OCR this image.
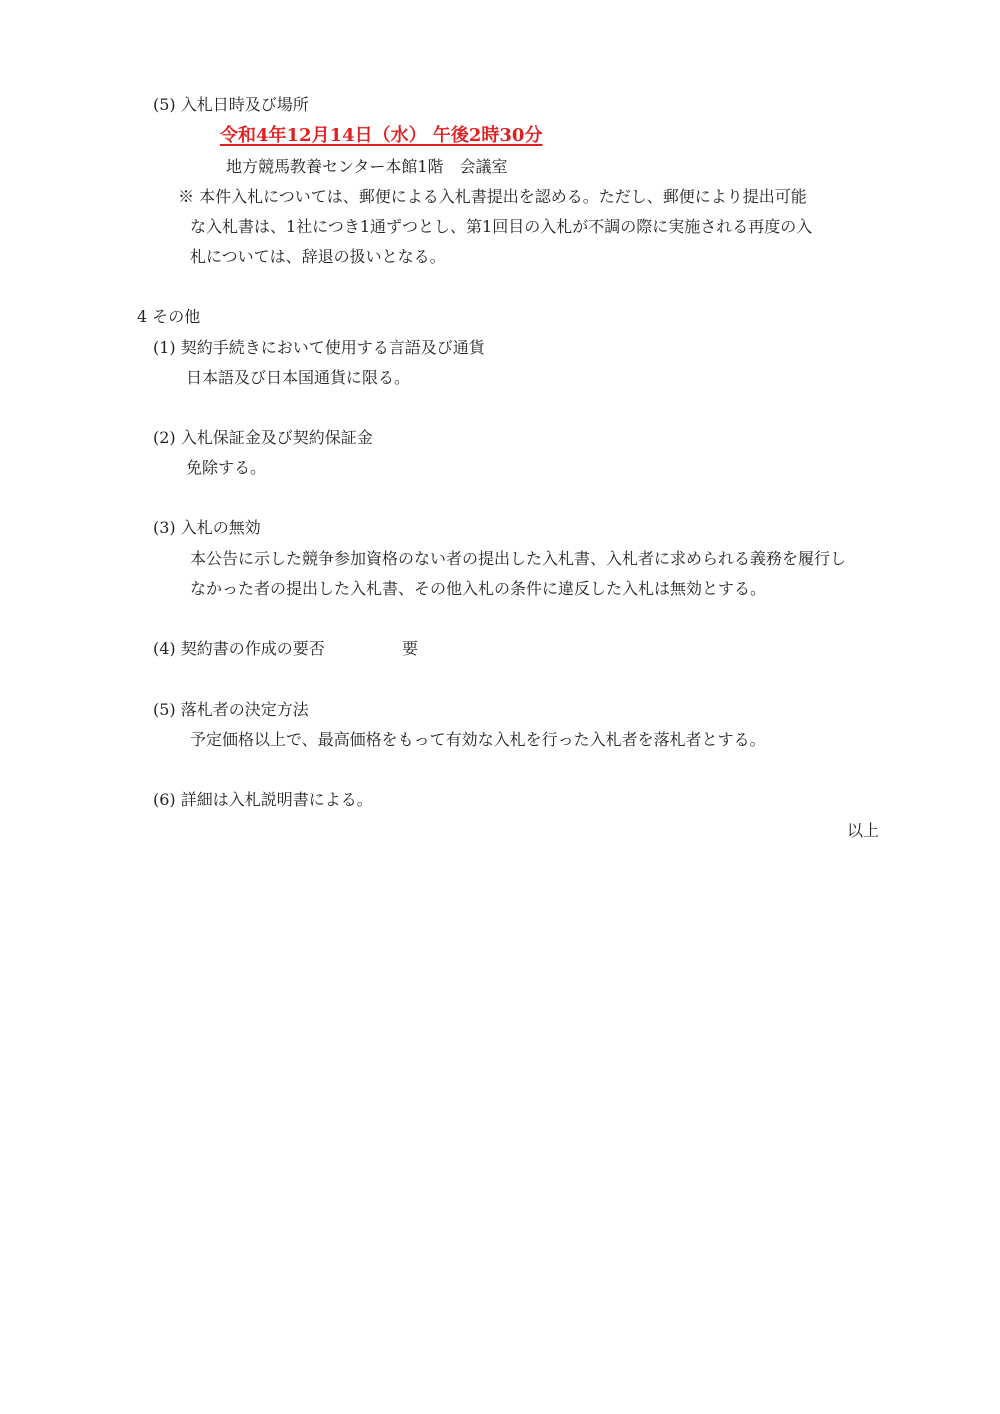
(5) 入札日時及び場所
令和4年12月14日（水） 午後2時30分
地方競馬教養センター本館1階　会議室
※ 本件入札については、郵便による入札書提出を認める。ただし、郵便により提出可能
な入札書は、1社につき1通ずつとし、第1回目の入札が不調の際に実施される再度の入
札については、辞退の扱いとなる。
4 その他
(1) 契約手続きにおいて使用する言語及び通貨
日本語及び日本国通貨に限る。
(2) 入札保証金及び契約保証金
免除する。
(3) 入札の無効
本公告に示した競争参加資格のない者の提出した入札書、入札者に求められる義務を履行し
なかった者の提出した入札書、その他入札の条件に違反した入札は無効とする。
(4) 契約書の作成の要否	要
(5) 落札者の決定方法
予定価格以上で、最高価格をもって有効な入札を行った入札者を落札者とする。
(6) 詳細は入札説明書による。
以上
